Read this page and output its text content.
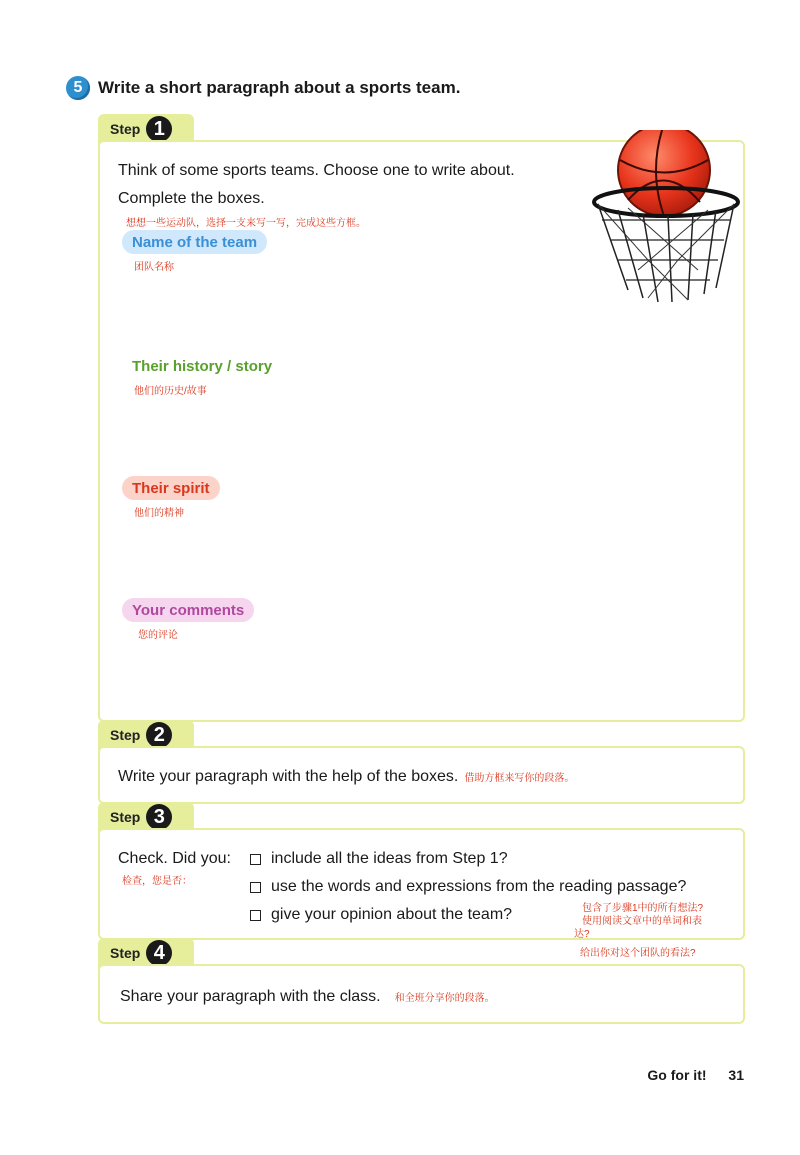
5 Write a short paragraph about a sports team.
Step 1
Think of some sports teams. Choose one to write about.
Complete the boxes.
想想一些运动队，选择一支来写一写，完成这些方框。
Name of the team
团队名称
Their history / story
他们的历史/故事
Their spirit
他们的精神
Your comments
您的评论
Step 2
Write your paragraph with the help of the boxes. 借助方框来写你的段落。
Step 3
Check. Did you:
检查，您是否：
include all the ideas from Step 1?
use the words and expressions from the reading passage?
give your opinion about the team?	包含了步骤1中的所有想法?
使用阅读文章中的单词和表
达?
Step 4	给出你对这个团队的看法?
Share your paragraph with the class. 和全班分享你的段落。
Go for it! 31
